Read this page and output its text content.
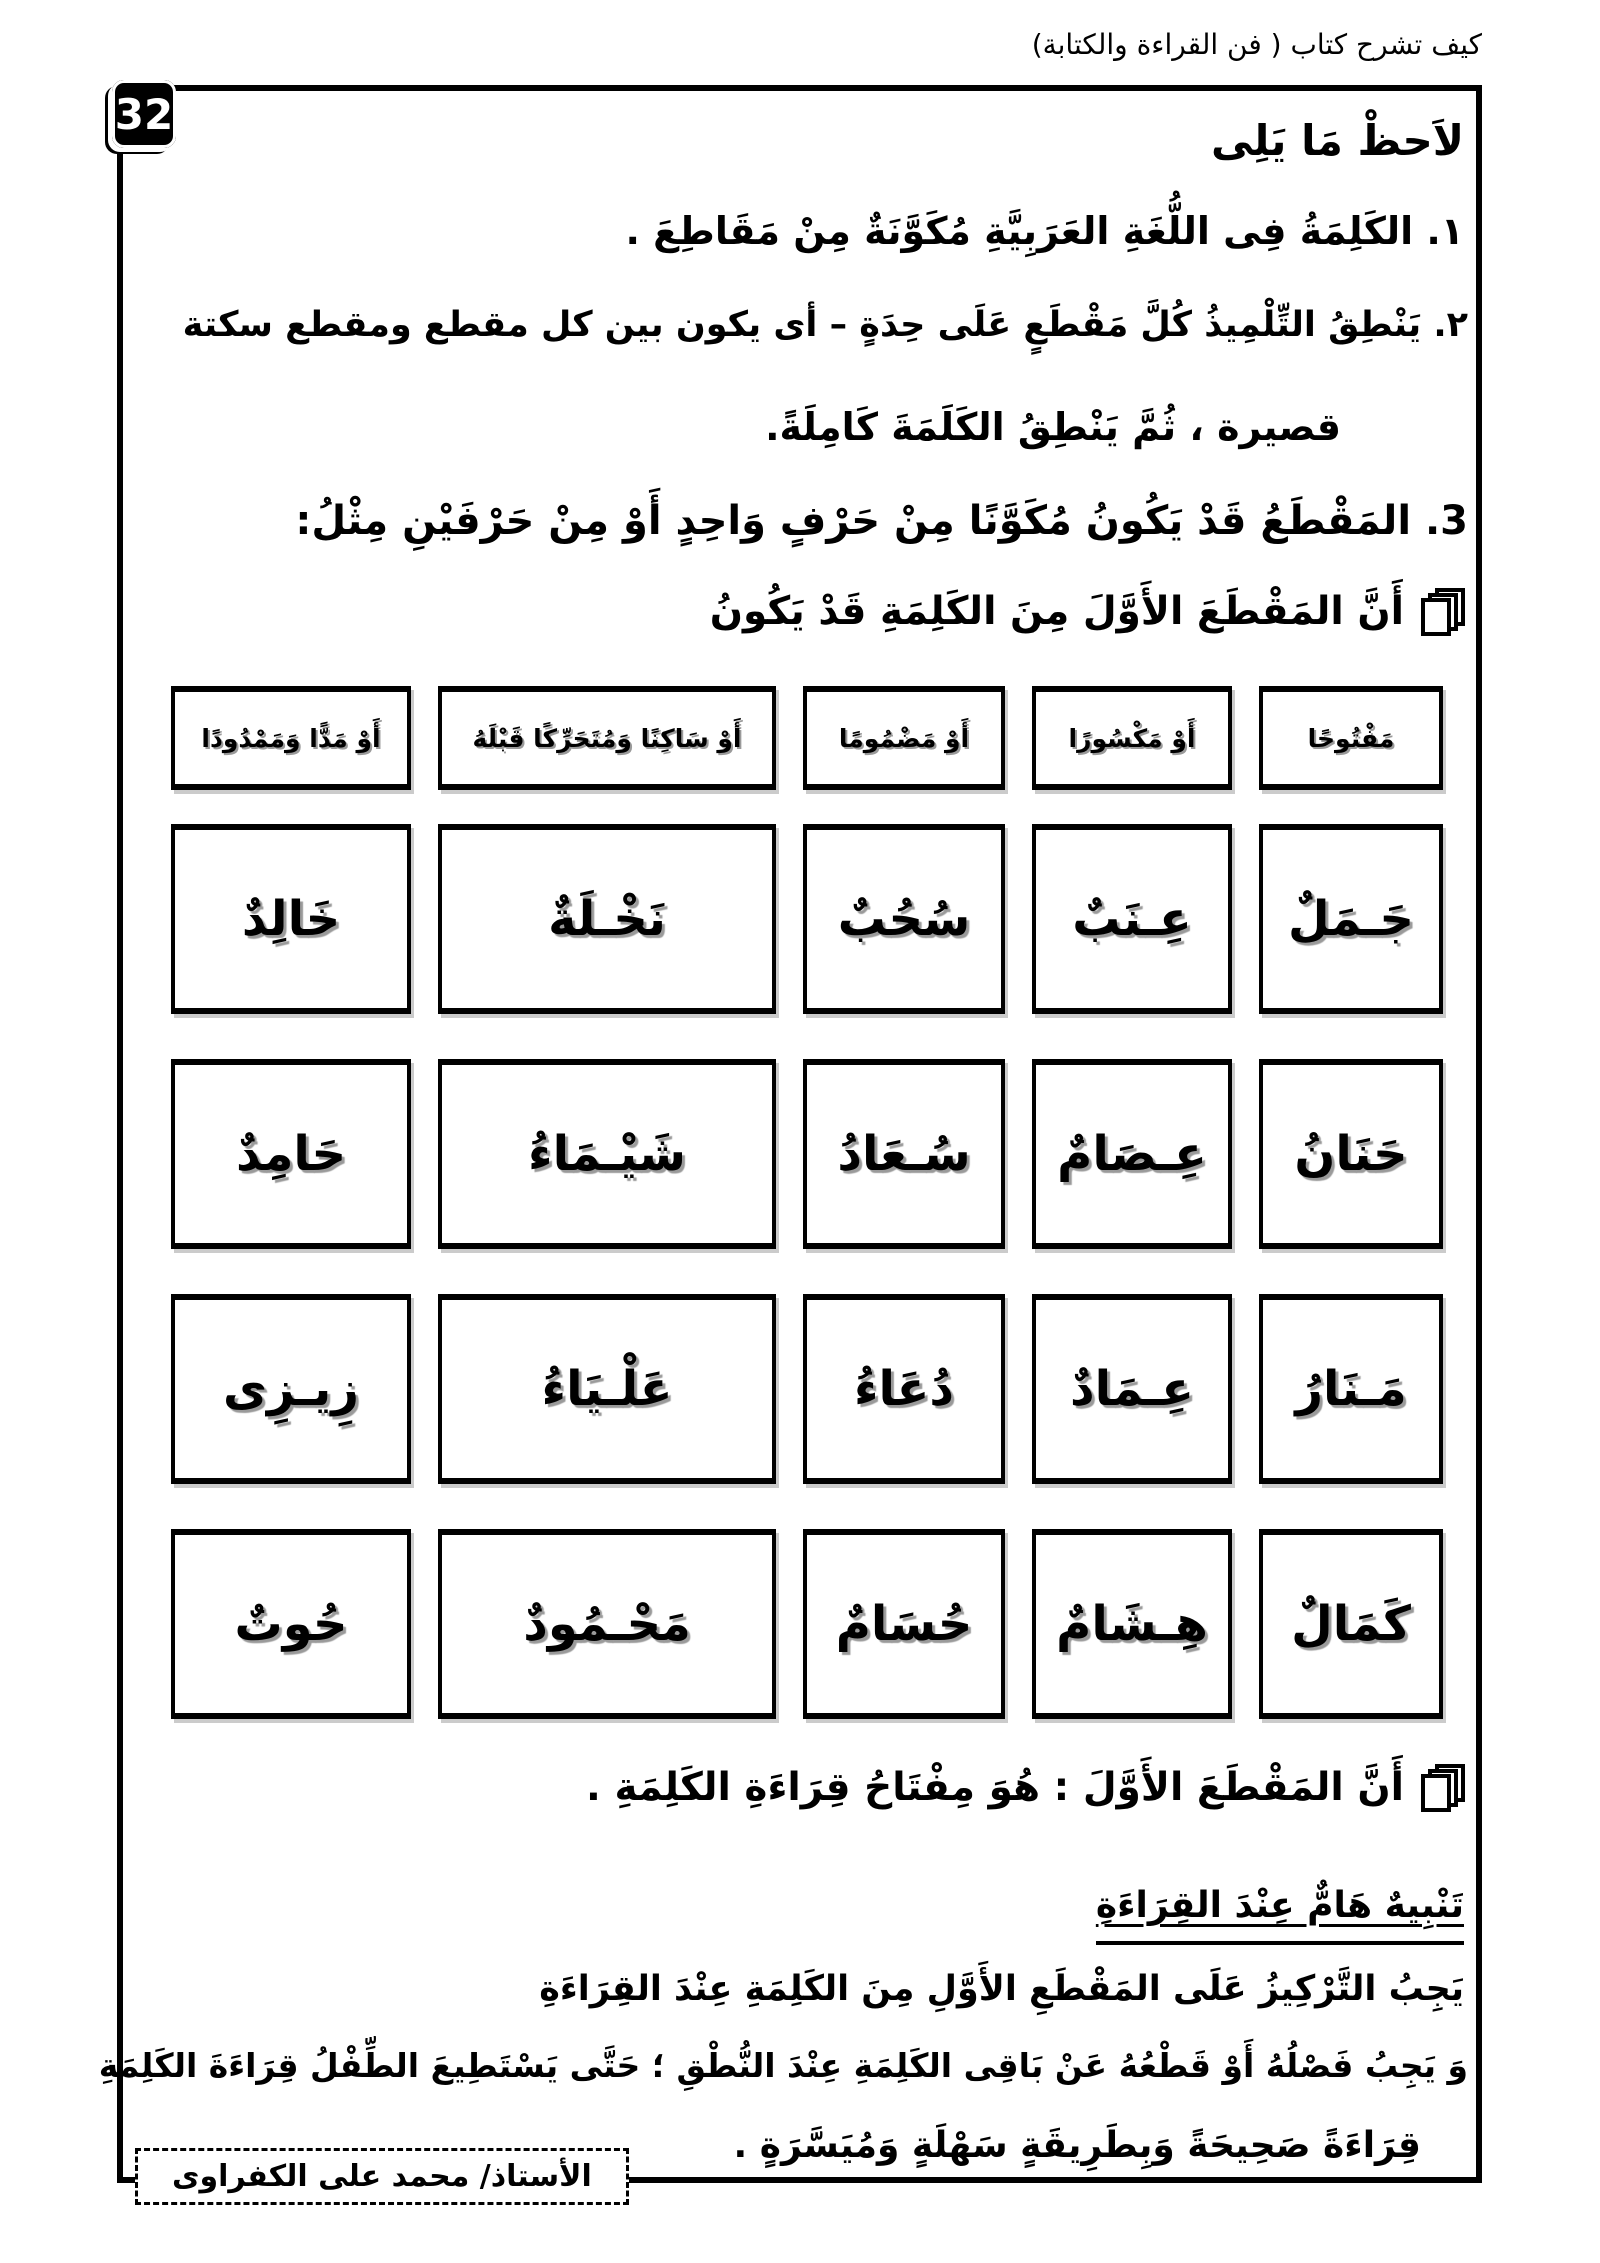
كيف تشرح كتاب ( فن القراءة والكتابة)
32
لاَحظْ مَا يَلِى
١. الكَلِمَةُ فِى اللُّغَةِ العَرَبِيَّةِ مُكَوَّنَةٌ مِنْ مَقَاطِعَ .
٢. يَنْطِقُ التِّلْمِيذُ كُلَّ مَقْطَعٍ عَلَى حِدَةٍ – أى يكون بين كل مقطع ومقطع سكتة
قصيرة ، ثُمَّ يَنْطِقُ الكَلَمَةَ كَامِلَةً.
3. المَقْطَعُ قَدْ يَكُونُ مُكَوَّنًا مِنْ حَرْفٍ وَاحِدٍ أَوْ مِنْ حَرْفَيْنِ مِثْلُ:
أَنَّ المَقْطَعَ الأَوَّلَ مِنَ الكَلِمَةِ قَدْ يَكُونُ
مَفْتُوحًا
جَـمَلٌ
حَنَانُ
مَـنَارُ
كَمَالٌ
أَوْ مَكْسُورًا
عِـنَبٌ
عِـصَامٌ
عِـمَادٌ
هِـشَامٌ
أَوْ مَضْمُومًا
سُحُبٌ
سُـعَادُ
دُعَاءُ
حُسَامٌ
أَوْ سَاكِنًا وَمُتَحَرِّكًا قَبْلَهُ
نَخْـلَةٌ
شَيْـمَاءُ
عَلْـيَاءُ
مَحْـمُودٌ
أَوْ مَدًّا وَمَمْدُودًا
خَالِدٌ
حَامِدٌ
زِيـزِى
حُوتٌ
أَنَّ المَقْطَعَ الأَوَّلَ : هُوَ مِفْتَاحُ قِرَاءَةِ الكَلِمَةِ .
تَنْبِيهٌ هَامٌّ عِنْدَ القِرَاءَةِ
يَجِبُ التَّرْكِيزُ عَلَى المَقْطَعِ الأَوَّلِ مِنَ الكَلِمَةِ عِنْدَ القِرَاءَةِ
وَ يَجِبُ فَصْلُهُ أَوْ قَطْعُهُ عَنْ بَاقِى الكَلِمَةِ عِنْدَ النُّطْقِ ؛ حَتَّى يَسْتَطِيعَ الطِّفْلُ قِرَاءَةَ الكَلِمَةِ
قِرَاءَةً صَحِيحَةً وَبِطَرِيقَةٍ سَهْلَةٍ وَمُيَسَّرَةٍ .
الأستاذ/ محمد على الكفراوى
